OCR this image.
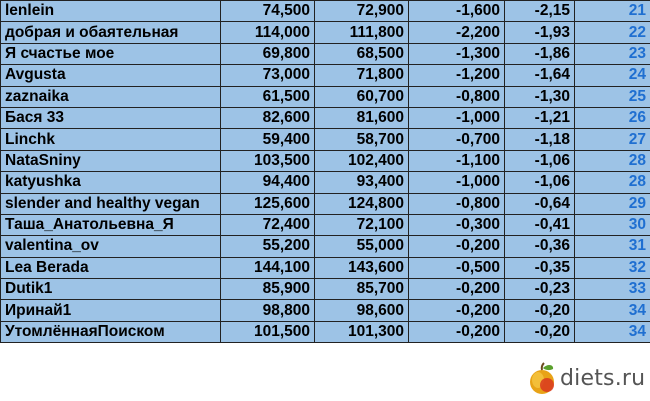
lenlein	74,500	72,900	-1,600	-2,15	21
добрая и обаятельная	114,000	111,800	-2,200	-1,93	22
Я счастье мое	69,800	68,500	-1,300	-1,86	23
Avgusta	73,000	71,800	-1,200	-1,64	24
zaznaika	61,500	60,700	-0,800	-1,30	25
Бася 33	82,600	81,600	-1,000	-1,21	26
Linchk	59,400	58,700	-0,700	-1,18	27
NataSniny	103,500	102,400	-1,100	-1,06	28
katyushka	94,400	93,400	-1,000	-1,06	28
slender and healthy vegan	125,600	124,800	-0,800	-0,64	29
Таша_Анатольевна_Я	72,400	72,100	-0,300	-0,41	30
valentina_ov	55,200	55,000	-0,200	-0,36	31
Lea Berada	144,100	143,600	-0,500	-0,35	32
Dutik1	85,900	85,700	-0,200	-0,23	33
Иринай1	98,800	98,600	-0,200	-0,20	34
УтомлённаяПоиском	101,500	101,300	-0,200	-0,20	34
diets.ru
